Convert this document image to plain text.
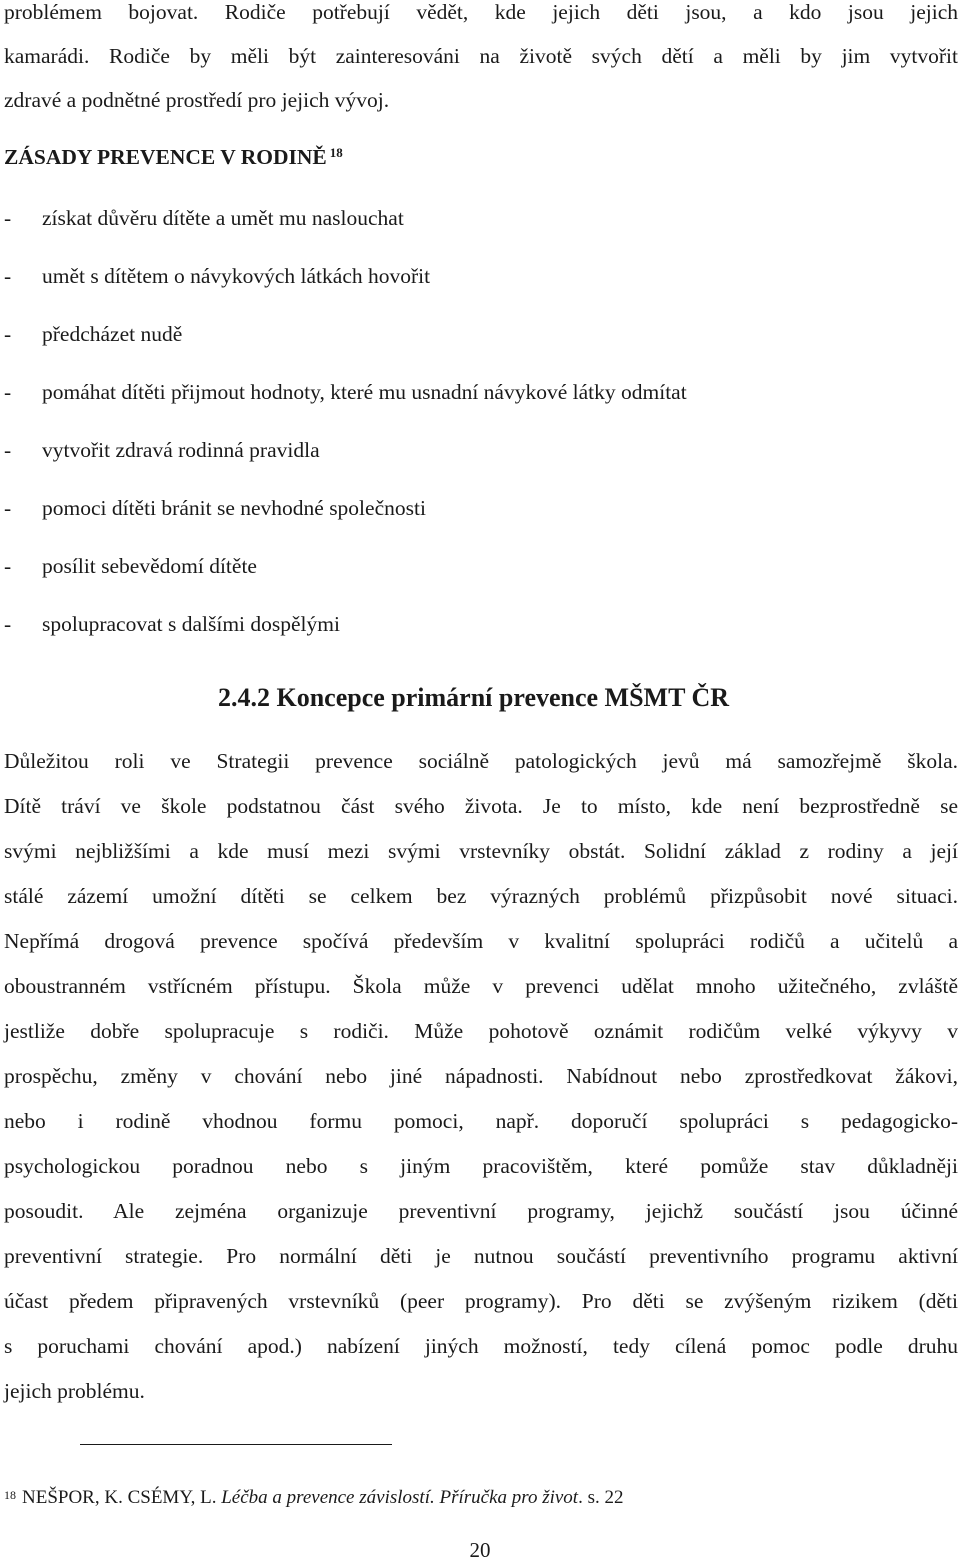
problémem bojovat. Rodiče potřebují vědět, kde jejich děti jsou, a kdo jsou jejich
kamarádi. Rodiče by měli být zainteresováni na životě svých dětí a měli by jim vytvořit
zdravé a podnětné prostředí pro jejich vývoj.
ZÁSADY PREVENCE V RODINĚ $^{18}$
- získat důvěru dítěte a umět mu naslouchat
- umět s dítětem o návykových látkách hovořit
- předcházet nudě
- pomáhat dítěti přijmout hodnoty, které mu usnadní návykové látky odmítat
- vytvořit zdravá rodinná pravidla
- pomoci dítěti bránit se nevhodné společnosti
- posílit sebevědomí dítěte
- spolupracovat s dalšími dospělými
2.4.2 Koncepce primární prevence MŠMT ČR
Důležitou roli ve Strategii prevence sociálně patologických jevů má samozřejmě škola.
Dítě tráví ve škole podstatnou část svého života. Je to místo, kde není bezprostředně se
svými nejbližšími a kde musí mezi svými vrstevníky obstát. Solidní základ z rodiny a její
stálé zázemí umožní dítěti se celkem bez výrazných problémů přizpůsobit nové situaci.
Nepřímá drogová prevence spočívá především v kvalitní spolupráci rodičů a učitelů a
oboustranném vstřícném přístupu. Škola může v prevenci udělat mnoho užitečného, zvláště
jestliže dobře spolupracuje s rodiči. Může pohotově oznámit rodičům velké výkyvy v
prospěchu, změny v chování nebo jiné nápadnosti. Nabídnout nebo zprostředkovat žákovi,
nebo i rodině vhodnou formu pomoci, např. doporučí spolupráci s pedagogicko-
psychologickou poradnou nebo s jiným pracovištěm, které pomůže stav důkladněji
posoudit. Ale zejména organizuje preventivní programy, jejichž součástí jsou účinné
preventivní strategie. Pro normální děti je nutnou součástí preventivního programu aktivní
účast předem připravených vrstevníků (peer programy). Pro děti se zvýšeným rizikem (děti
s poruchami chování apod.) nabízení jiných možností, tedy cílená pomoc podle druhu
jejich problému.
$^{18}$ NEŠPOR, K. CSÉMY, L. Léčba a prevence závislostí. Příručka pro život. s. 22
20
